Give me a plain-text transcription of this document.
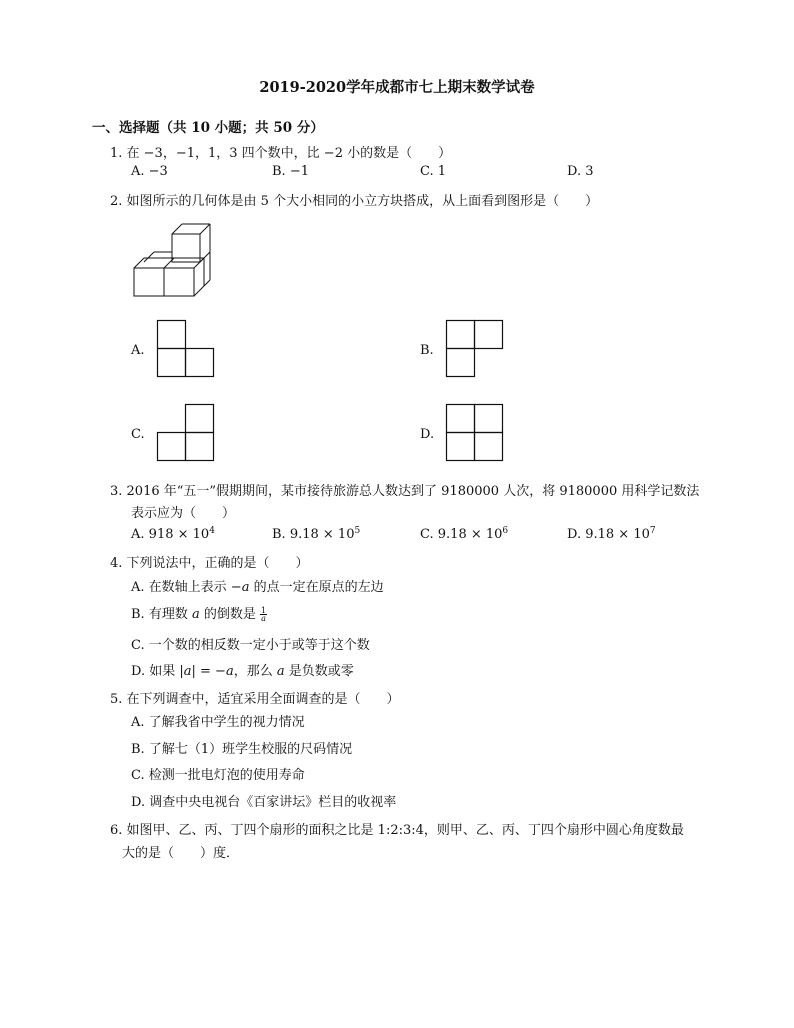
2019-2020学年成都市七上期末数学试卷
一、选择题（共 10 小题；共 50 分）
1. 在 −3，−1，1，3 四个数中，比 −2 小的数是（　　）
A. −3	B. −1	C. 1	D. 3
2. 如图所示的几何体是由 5 个大小相同的小立方块搭成，从上面看到图形是（　　）
A.	B.
C.	D.
3. 2016 年“五一”假期期间，某市接待旅游总人数达到了 9180000 人次，将 9180000 用科学记数法
表示应为（　　）
A. $918 \times 10^4$	B. $9.18 \times 10^5$	C. $9.18 \times 10^6$	D. $9.18 \times 10^7$
4. 下列说法中，正确的是（　　）
A. 在数轴上表示 −a 的点一定在原点的左边
B. 有理数 a 的倒数是 $\frac{1}{a}$
C. 一个数的相反数一定小于或等于这个数
D. 如果 |a| = −a，那么 a 是负数或零
5. 在下列调查中，适宜采用全面调查的是（　　）
A. 了解我省中学生的视力情况
B. 了解七（1）班学生校服的尺码情况
C. 检测一批电灯泡的使用寿命
D. 调查中央电视台《百家讲坛》栏目的收视率
6. 如图甲、乙、丙、丁四个扇形的面积之比是 1:2:3:4，则甲、乙、丙、丁四个扇形中圆心角度数最
大的是（　　）度．
